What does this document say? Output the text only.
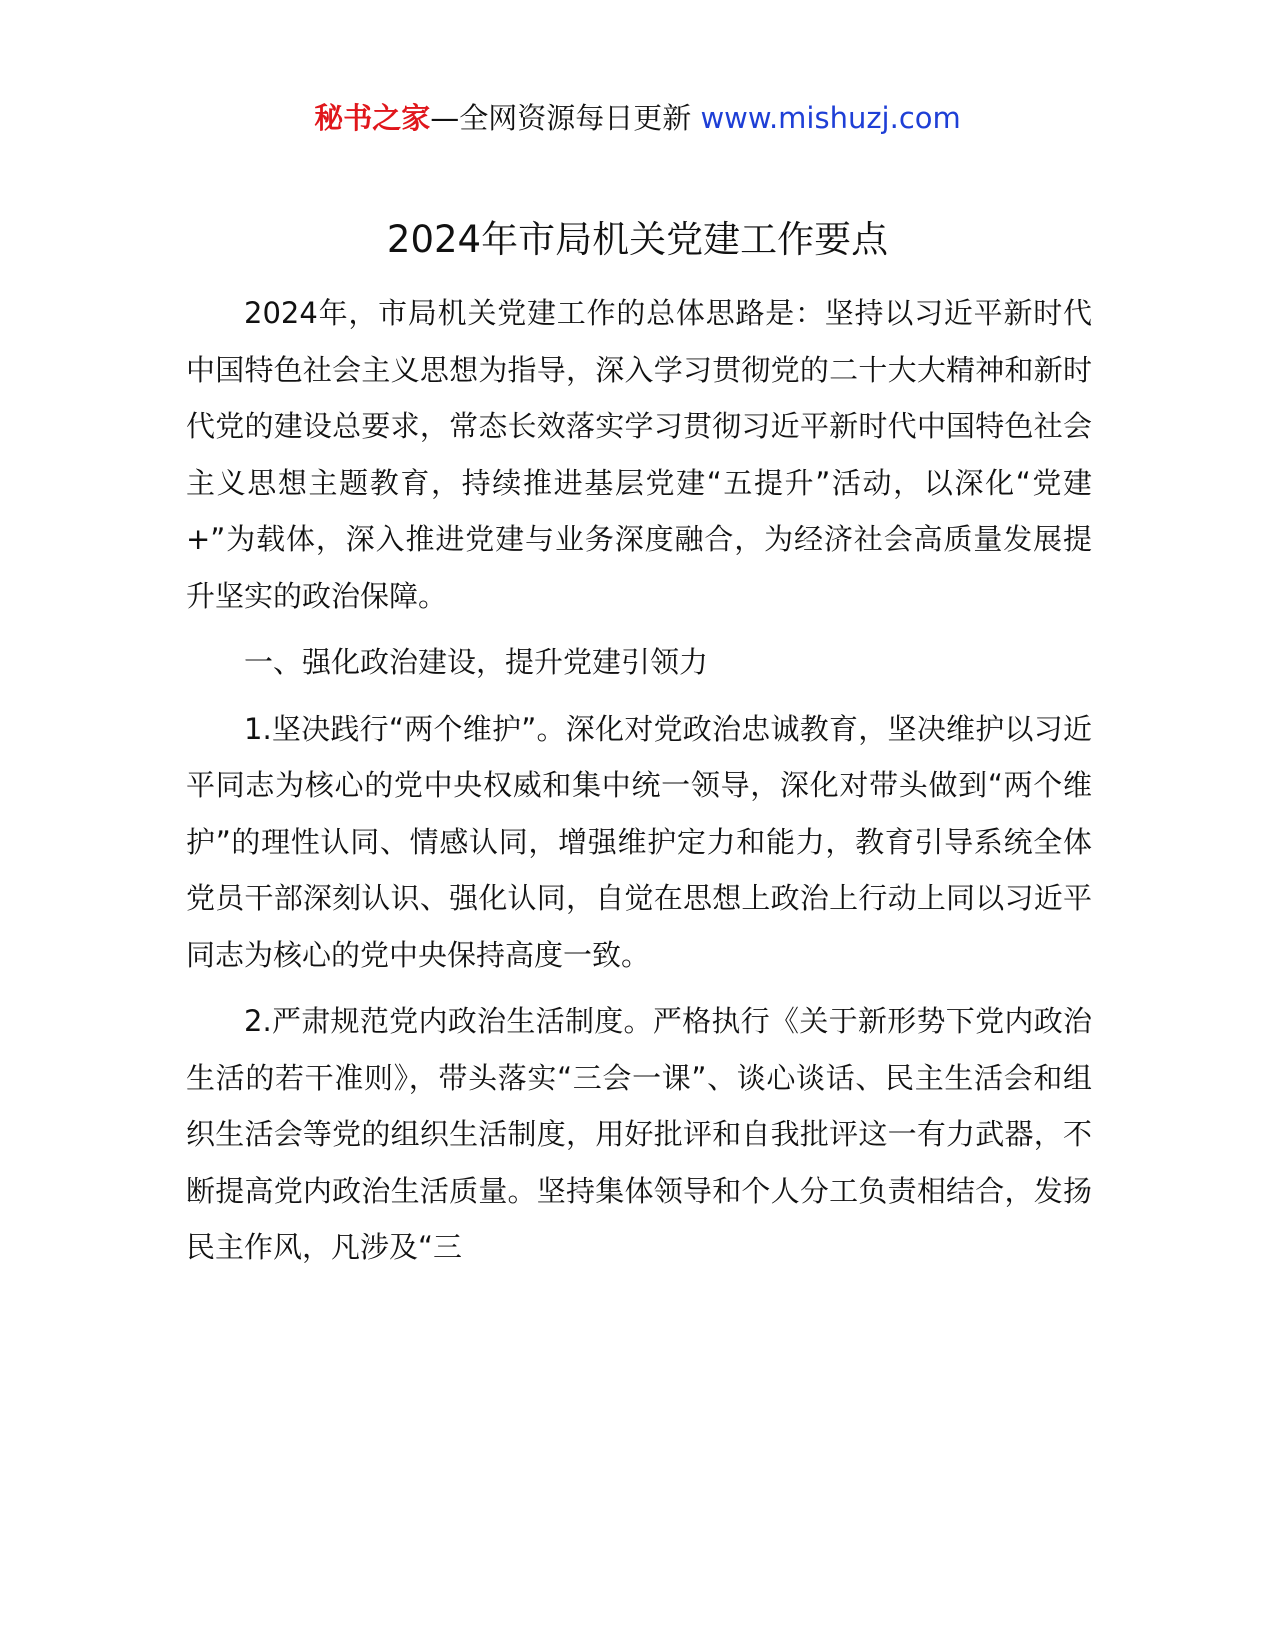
秘书之家—全网资源每日更新 www.mishuzj.com
2024年市局机关党建工作要点

2024年，市局机关党建工作的总体思路是：坚持以习近平新时代中国特色社会主义思想为指导，深入学习贯彻党的二十大大精神和新时代党的建设总要求，常态长效落实学习贯彻习近平新时代中国特色社会主义思想主题教育，持续推进基层党建“五提升”活动，以深化“党建+”为载体，深入推进党建与业务深度融合，为经济社会高质量发展提升坚实的政治保障。

一、强化政治建设，提升党建引领力

1.坚决践行“两个维护”。深化对党政治忠诚教育，坚决维护以习近平同志为核心的党中央权威和集中统一领导，深化对带头做到“两个维护”的理性认同、情感认同，增强维护定力和能力，教育引导系统全体党员干部深刻认识、强化认同，自觉在思想上政治上行动上同以习近平同志为核心的党中央保持高度一致。

2.严肃规范党内政治生活制度。严格执行《关于新形势下党内政治生活的若干准则》，带头落实“三会一课”、谈心谈话、民主生活会和组织生活会等党的组织生活制度，用好批评和自我批评这一有力武器，不断提高党内政治生活质量。坚持集体领导和个人分工负责相结合，发扬民主作风，凡涉及“三
